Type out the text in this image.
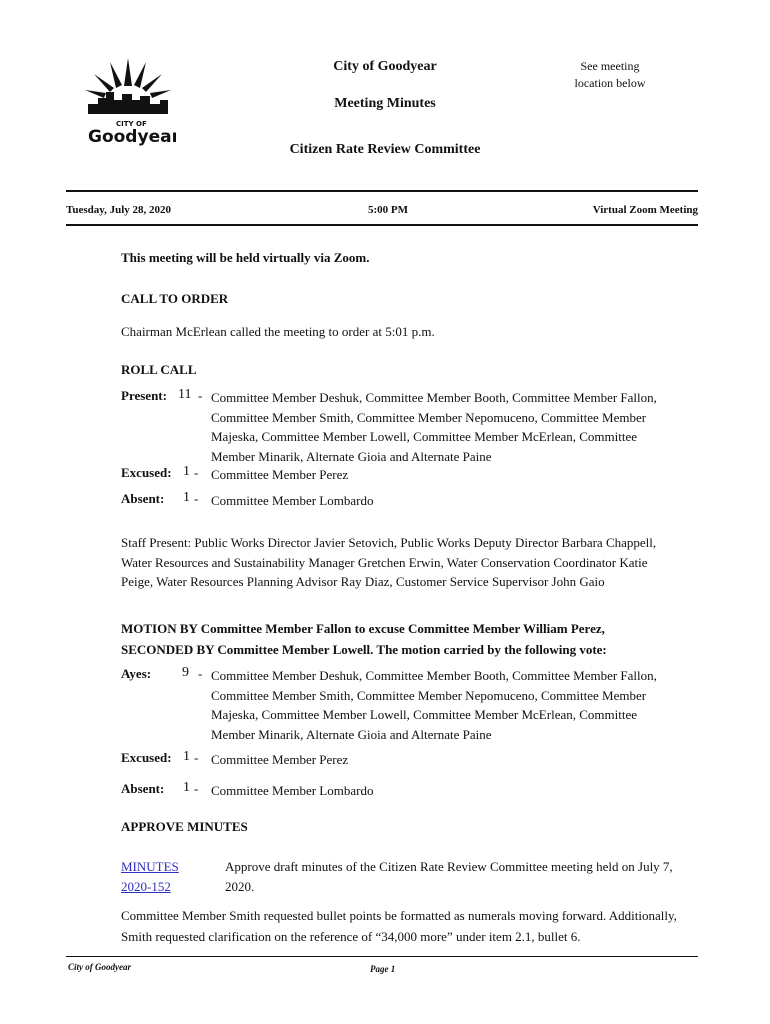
CITY OF
Goodyear
City of Goodyear
Meeting Minutes
Citizen Rate Review Committee
See meeting location below
Tuesday, July 28, 2020	5:00 PM	Virtual Zoom Meeting
This meeting will be held virtually via Zoom.
CALL TO ORDER
Chairman McErlean called the meeting to order at 5:01 p.m.
ROLL CALL
Present: 11 - Committee Member Deshuk, Committee Member Booth, Committee Member Fallon, Committee Member Smith, Committee Member Nepomuceno, Committee Member Majeska, Committee Member Lowell, Committee Member McErlean, Committee Member Minarik, Alternate Gioia and Alternate Paine
Excused: 1 - Committee Member Perez
Absent: 1 - Committee Member Lombardo
Staff Present: Public Works Director Javier Setovich, Public Works Deputy Director Barbara Chappell, Water Resources and Sustainability Manager Gretchen Erwin, Water Conservation Coordinator Katie Peige, Water Resources Planning Advisor Ray Diaz, Customer Service Supervisor John Gaio
MOTION BY Committee Member Fallon to excuse Committee Member William Perez, SECONDED BY Committee Member Lowell. The motion carried by the following vote:
Ayes: 9 - Committee Member Deshuk, Committee Member Booth, Committee Member Fallon, Committee Member Smith, Committee Member Nepomuceno, Committee Member Majeska, Committee Member Lowell, Committee Member McErlean, Committee Member Minarik, Alternate Gioia and Alternate Paine
Excused: 1 - Committee Member Perez
Absent: 1 - Committee Member Lombardo
APPROVE MINUTES
MINUTES
2020-152
Approve draft minutes of the Citizen Rate Review Committee meeting held on July 7, 2020.
Committee Member Smith requested bullet points be formatted as numerals moving forward. Additionally, Smith requested clarification on the reference of “34,000 more” under item 2.1, bullet 6.
City of Goodyear	Page 1
